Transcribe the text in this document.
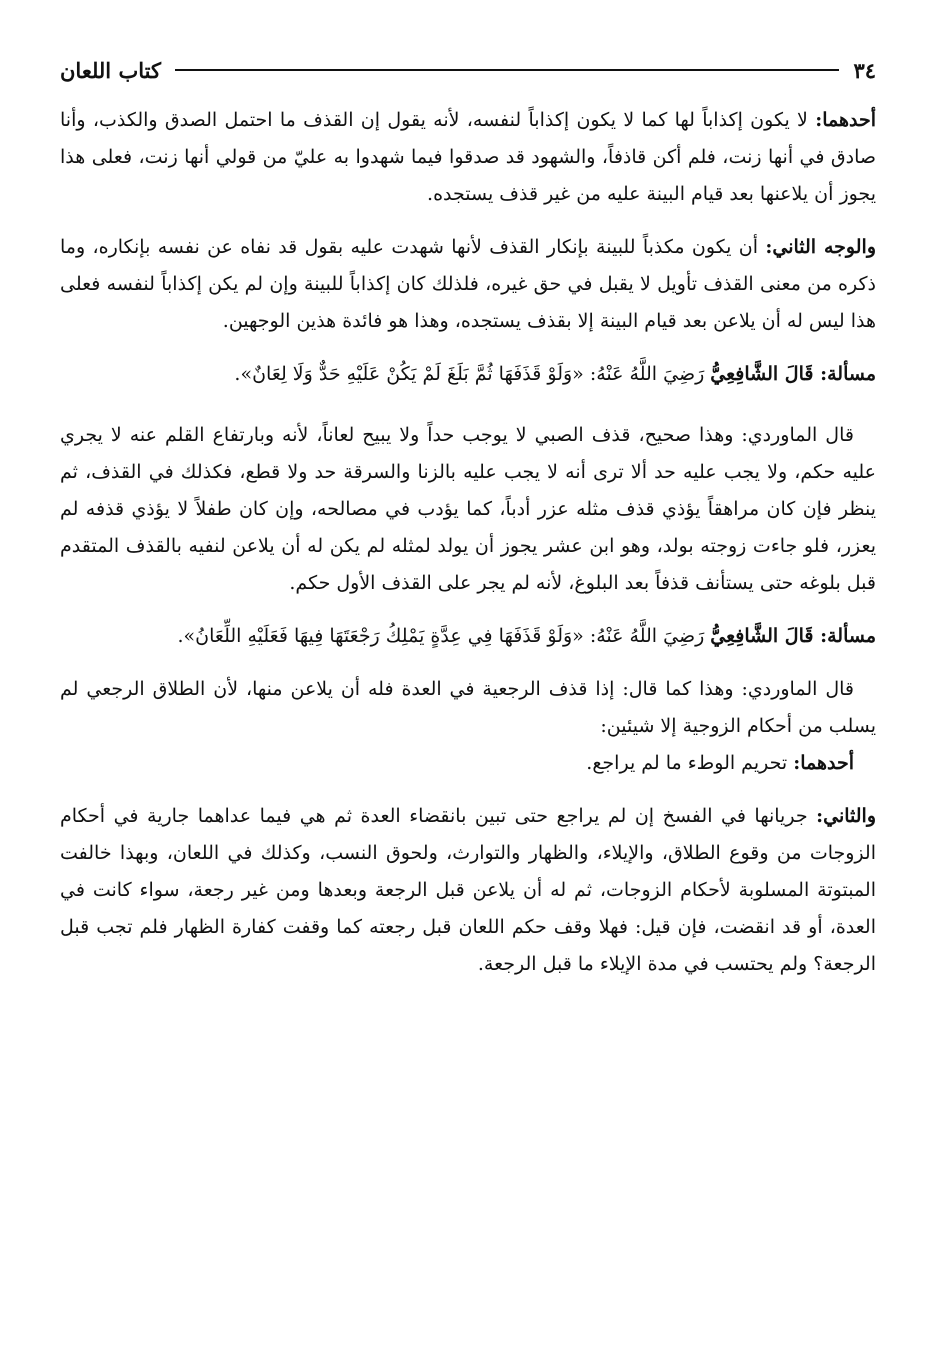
٣٤
كتاب اللعان

أحدهما: لا يكون إكذاباً لها كما لا يكون إكذاباً لنفسه، لأنه يقول إن القذف ما احتمل الصدق والكذب، وأنا صادق في أنها زنت، فلم أكن قاذفاً، والشهود قد صدقوا فيما شهدوا به عليّ من قولي أنها زنت، فعلى هذا يجوز أن يلاعنها بعد قيام البينة عليه من غير قذف يستجده.

والوجه الثاني: أن يكون مكذباً للبينة بإنكار القذف لأنها شهدت عليه بقول قد نفاه عن نفسه بإنكاره، وما ذكره من معنى القذف تأويل لا يقبل في حق غيره، فلذلك كان إكذاباً للبينة وإن لم يكن إكذاباً لنفسه فعلى هذا ليس له أن يلاعن بعد قيام البينة إلا بقذف يستجده، وهذا هو فائدة هذين الوجهين.

مسألة: قَالَ الشَّافِعِيُّ رَضِيَ اللَّهُ عَنْهُ: «وَلَوْ قَذَفَهَا ثُمَّ بَلَغَ لَمْ يَكُنْ عَلَيْهِ حَدٌّ وَلَا لِعَانٌ».

قال الماوردي: وهذا صحيح، قذف الصبي لا يوجب حداً ولا يبيح لعاناً، لأنه وبارتفاع القلم عنه لا يجري عليه حكم، ولا يجب عليه حد ألا ترى أنه لا يجب عليه بالزنا والسرقة حد ولا قطع، فكذلك في القذف، ثم ينظر فإن كان مراهقاً يؤذي قذف مثله عزر أدباً، كما يؤدب في مصالحه، وإن كان طفلاً لا يؤذي قذفه لم يعزر، فلو جاءت زوجته بولد، وهو ابن عشر يجوز أن يولد لمثله لم يكن له أن يلاعن لنفيه بالقذف المتقدم قبل بلوغه حتى يستأنف قذفاً بعد البلوغ، لأنه لم يجر على القذف الأول حكم.

مسألة: قَالَ الشَّافِعِيُّ رَضِيَ اللَّهُ عَنْهُ: «وَلَوْ قَذَفَهَا فِي عِدَّةٍ يَمْلِكُ رَجْعَتَهَا فِيهَا فَعَلَيْهِ اللِّعَانُ».

قال الماوردي: وهذا كما قال: إذا قذف الرجعية في العدة فله أن يلاعن منها، لأن الطلاق الرجعي لم يسلب من أحكام الزوجية إلا شيئين:

أحدهما: تحريم الوطء ما لم يراجع.

والثاني: جريانها في الفسخ إن لم يراجع حتى تبين بانقضاء العدة ثم هي فيما عداهما جارية في أحكام الزوجات من وقوع الطلاق، والإيلاء، والظهار والتوارث، ولحوق النسب، وكذلك في اللعان، وبهذا خالفت المبتوتة المسلوبة لأحكام الزوجات، ثم له أن يلاعن قبل الرجعة وبعدها ومن غير رجعة، سواء كانت في العدة، أو قد انقضت، فإن قيل: فهلا وقف حكم اللعان قبل رجعته كما وقفت كفارة الظهار فلم تجب قبل الرجعة؟ ولم يحتسب في مدة الإيلاء ما قبل الرجعة.
